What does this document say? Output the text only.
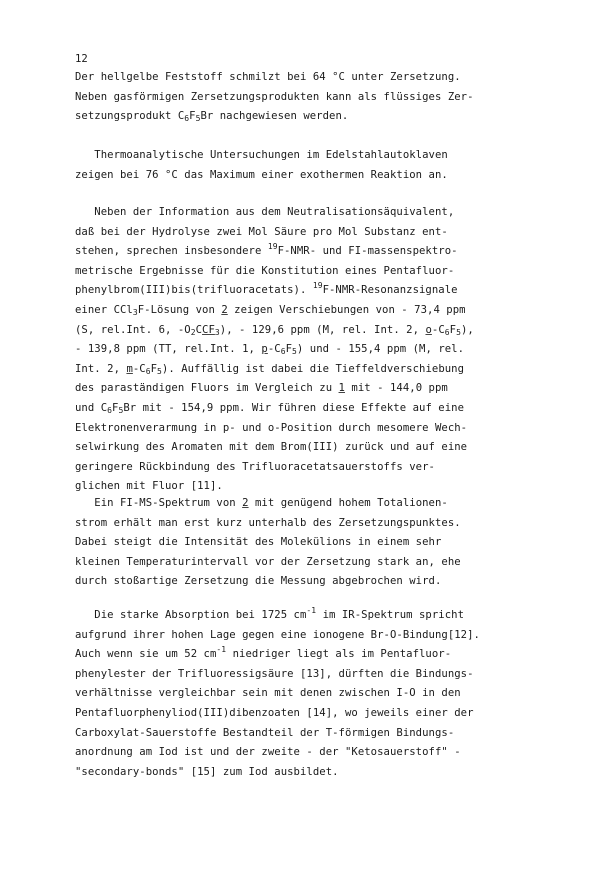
12
Der hellgelbe Feststoff schmilzt bei 64 °C unter Zersetzung.
Neben gasförmigen Zersetzungsprodukten kann als flüssiges Zer-
setzungsprodukt $C_6F_5Br$ nachgewiesen werden.
Thermoanalytische Untersuchungen im Edelstahlautoklaven
zeigen bei 76 °C das Maximum einer exothermen Reaktion an.
Neben der Information aus dem Neutralisationsäquivalent,
daß bei der Hydrolyse zwei Mol Säure pro Mol Substanz ent-
stehen, sprechen insbesondere $^{19}$F-NMR- und FI-massenspektro-
metrische Ergebnisse für die Konstitution eines Pentafluor-
phenylbrom(III)bis(trifluoracetats). $^{19}$F-NMR-Resonanzsignale
einer CCl$_3$F-Lösung von 2 zeigen Verschiebungen von - 73,4 ppm
(S, rel.Int. 6, $-O_2CCF_3$), - 129,6 ppm (M, rel. Int. 2, $o-C_6F_5$),
- 139,8 ppm (TT, rel.Int. 1, $p-C_6F_5$) und - 155,4 ppm (M, rel.
Int. 2, $m-C_6F_5$). Auffällig ist dabei die Tieffeldverschiebung
des paraständigen Fluors im Vergleich zu 1 mit - 144,0 ppm
und $C_6F_5Br$ mit - 154,9 ppm. Wir führen diese Effekte auf eine
Elektronenverarmung in p- und o-Position durch mesomere Wech-
selwirkung des Aromaten mit dem Brom(III) zurück und auf eine
geringere Rückbindung des Trifluoracetatsauerstoffs ver-
glichen mit Fluor [11].
Ein FI-MS-Spektrum von 2 mit genügend hohem Totalionen-
strom erhält man erst kurz unterhalb des Zersetzungspunktes.
Dabei steigt die Intensität des Molekülions in einem sehr
kleinen Temperaturintervall vor der Zersetzung stark an, ehe
durch stoßartige Zersetzung die Messung abgebrochen wird.
Die starke Absorption bei 1725 $cm^{-1}$ im IR-Spektrum spricht
aufgrund ihrer hohen Lage gegen eine ionogene Br-O-Bindung[12].
Auch wenn sie um 52 $cm^{-1}$ niedriger liegt als im Pentafluor-
phenylester der Trifluoressigsäure [13], dürften die Bindungs-
verhältnisse vergleichbar sein mit denen zwischen I-O in den
Pentafluorphenyliod(III)dibenzoaten [14], wo jeweils einer der
Carboxylat-Sauerstoffe Bestandteil der T-förmigen Bindungs-
anordnung am Iod ist und der zweite - der "Ketosauerstoff" -
"secondary-bonds" [15] zum Iod ausbildet.
